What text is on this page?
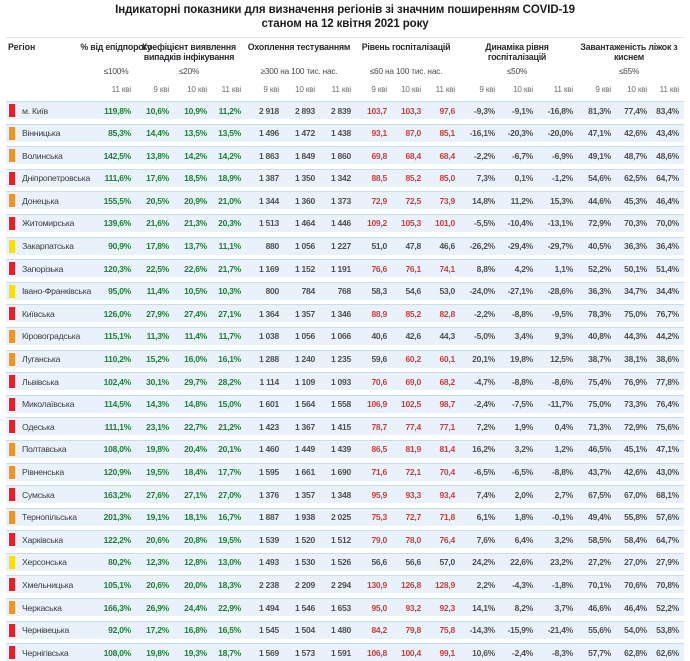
Індикаторні показники для визначення регіонів зі значним поширенням COVID-19
станом на 12 квітня 2021 року
Регіон	% від епідпорогу
≤100%
Коефіцієнт виявлення випадків інфікування
≤20%
Охоплення тестуванням
≥300 на 100 тис. нас.
Рівень госпіталізацій
≤60 на 100 тис. нас.
Динаміка рівня госпіталізацій
≤50%
Завантаженість ліжок з киснем
≤65%
11 кві	9 кві	10 кві	11 кві	9 кві	10 кві	11 кві	9 кві	10 кві	11 кві	9 кві	10 кві	11 кві	9 кві	10 кві	11 кві
м. Київ	119,8%	10,6%	10,9%	11,2%	2 918	2 893	2 839	103,7	103,3	97,6	-9,3%	-9,1%	-16,8%	81,3%	77,4%	83,4%
Вінницька	85,3%	14,4%	13,5%	13,5%	1 496	1 472	1 438	93,1	87,0	85,1	-16,1%	-20,3%	-20,0%	47,1%	42,6%	43,4%
Волинська	142,5%	13,8%	14,2%	14,2%	1 863	1 849	1 860	69,8	68,4	68,4	-2,2%	-6,7%	-6,9%	49,1%	48,7%	48,6%
Дніпропетровська	111,6%	17,6%	18,5%	18,9%	1 387	1 350	1 342	88,5	85,2	85,0	7,3%	0,1%	-1,2%	54,6%	62,5%	64,7%
Донецька	155,5%	20,5%	20,9%	21,0%	1 344	1 360	1 373	72,9	72,5	73,9	14,8%	11,2%	15,3%	44,6%	45,3%	46,4%
Житомирська	139,6%	21,6%	21,3%	20,3%	1 513	1 464	1 446	109,2	105,3	101,0	-5,5%	-10,4%	-13,1%	72,9%	70,3%	70,0%
Закарпатська	90,9%	17,8%	13,7%	11,1%	880	1 056	1 227	51,0	47,8	46,6	-26,2%	-29,4%	-29,7%	40,5%	36,3%	36,4%
Запорізька	120,3%	22,5%	22,6%	21,7%	1 169	1 152	1 191	76,6	76,1	74,1	8,8%	4,2%	1,1%	52,2%	50,1%	51,4%
Івано-Франківська	95,0%	11,4%	10,5%	10,3%	800	784	768	58,3	54,6	53,0	-24,0%	-27,1%	-28,6%	36,3%	34,7%	34,4%
Київська	126,0%	27,9%	27,4%	27,1%	1 364	1 357	1 346	88,9	85,2	82,8	-2,2%	-8,8%	-9,5%	78,3%	75,0%	76,7%
Кіровоградська	115,1%	11,3%	11,4%	11,7%	1 038	1 056	1 066	40,6	42,6	44,3	-5,0%	3,4%	9,3%	40,8%	44,3%	44,2%
Луганська	110,2%	15,2%	16,0%	16,1%	1 288	1 240	1 235	59,6	60,2	60,1	20,1%	19,8%	12,5%	38,7%	38,1%	38,6%
Львівська	102,4%	30,1%	29,7%	28,2%	1 114	1 109	1 093	70,6	69,0	68,2	-4,7%	-8,8%	-8,6%	75,4%	76,9%	77,8%
Миколаївська	114,5%	14,3%	14,8%	15,0%	1 601	1 564	1 558	106,9	102,5	98,7	-2,4%	-7,5%	-11,7%	75,0%	73,3%	76,4%
Одеська	111,1%	23,1%	22,7%	21,2%	1 423	1 367	1 415	78,7	77,4	77,1	7,2%	1,9%	0,4%	71,3%	72,9%	75,6%
Полтавська	108,0%	19,8%	20,4%	20,1%	1 460	1 449	1 439	86,5	81,9	81,4	16,2%	3,2%	1,2%	46,5%	45,1%	47,1%
Рівненська	120,9%	19,5%	18,4%	17,7%	1 595	1 661	1 690	71,6	72,1	70,4	-6,5%	-6,5%	-8,8%	43,7%	42,6%	43,0%
Сумська	163,2%	27,6%	27,1%	27,0%	1 376	1 357	1 348	95,9	93,3	93,4	7,4%	2,0%	2,7%	67,5%	67,0%	68,1%
Тернопільська	201,3%	19,1%	18,1%	16,7%	1 887	1 938	2 025	75,3	72,7	71,8	6,1%	1,8%	-0,1%	49,4%	55,8%	57,6%
Харківська	122,2%	20,6%	20,8%	19,5%	1 539	1 520	1 512	79,0	78,0	76,4	7,6%	6,4%	3,2%	58,5%	58,4%	64,7%
Херсонська	80,2%	12,3%	12,8%	13,0%	1 493	1 530	1 526	56,6	56,6	57,0	24,2%	22,6%	23,2%	27,2%	27,0%	27,9%
Хмельницька	105,1%	20,6%	20,0%	18,3%	2 238	2 209	2 294	130,9	126,8	128,9	2,2%	-4,3%	-1,8%	70,1%	70,6%	70,8%
Черкаська	166,3%	26,9%	24,4%	22,9%	1 494	1 546	1 653	95,0	93,2	92,3	14,1%	8,2%	3,7%	46,6%	46,4%	52,2%
Чернівецька	92,0%	17,2%	16,8%	16,5%	1 545	1 504	1 480	84,2	79,8	75,8	-14,3%	-15,9%	-21,4%	55,6%	54,0%	53,8%
Чернігівська	108,0%	19,8%	19,3%	18,7%	1 569	1 573	1 591	106,8	100,4	99,1	10,6%	-2,4%	-8,3%	57,7%	62,8%	62,6%
